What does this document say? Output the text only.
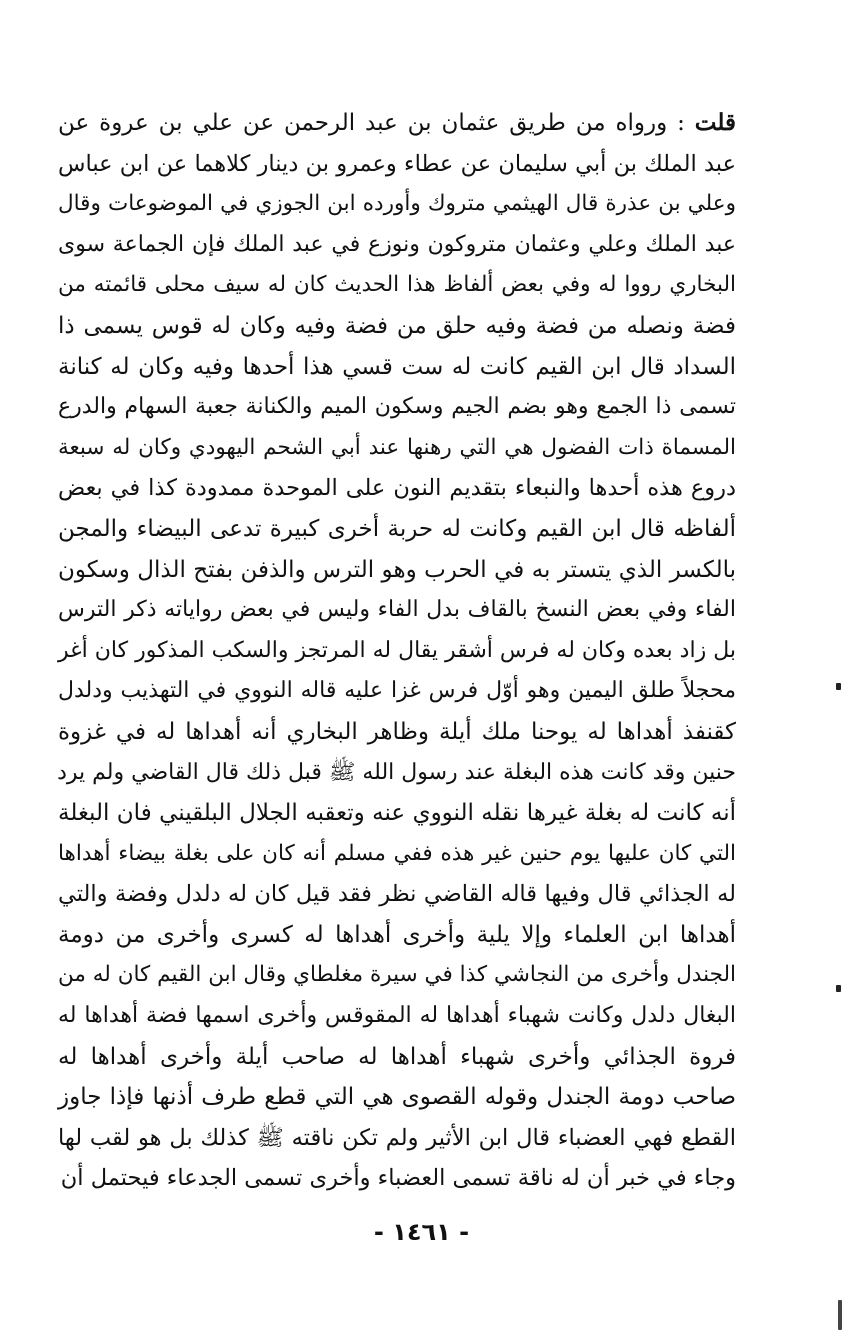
قلت : ورواه من طريق عثمان بن عبد الرحمن عن علي بن عروة عن
عبد الملك بن أبي سليمان عن عطاء وعمرو بن دينار كلاهما عن ابن عباس
وعلي بن عذرة قال الهيثمي متروك وأورده ابن الجوزي في الموضوعات وقال
عبد الملك وعلي وعثمان متروكون ونوزع في عبد الملك فإن الجماعة سوى
البخاري رووا له وفي بعض ألفاظ هذا الحديث كان له سيف محلى قائمته من
فضة ونصله من فضة وفيه حلق من فضة وفيه وكان له قوس يسمى ذا
السداد قال ابن القيم كانت له ست قسي هذا أحدها وفيه وكان له كنانة
تسمى ذا الجمع وهو بضم الجيم وسكون الميم والكنانة جعبة السهام والدرع
المسماة ذات الفضول هي التي رهنها عند أبي الشحم اليهودي وكان له سبعة
دروع هذه أحدها والنبعاء بتقديم النون على الموحدة ممدودة كذا في بعض
ألفاظه قال ابن القيم وكانت له حربة أخرى كبيرة تدعى البيضاء والمجن
بالكسر الذي يتستر به في الحرب وهو الترس والذفن بفتح الذال وسكون
الفاء وفي بعض النسخ بالقاف بدل الفاء وليس في بعض رواياته ذكر الترس
بل زاد بعده وكان له فرس أشقر يقال له المرتجز والسكب المذكور كان أغر
محجلاً طلق اليمين وهو أوّل فرس غزا عليه قاله النووي في التهذيب ودلدل
كقنفذ أهداها له يوحنا ملك أيلة وظاهر البخاري أنه أهداها له في غزوة
حنين وقد كانت هذه البغلة عند رسول الله ﷺ قبل ذلك قال القاضي ولم يرد
أنه كانت له بغلة غيرها نقله النووي عنه وتعقبه الجلال البلقيني فان البغلة
التي كان عليها يوم حنين غير هذه ففي مسلم أنه كان على بغلة بيضاء أهداها
له الجذائي قال وفيها قاله القاضي نظر فقد قيل كان له دلدل وفضة والتي
أهداها ابن العلماء وإلا يلية وأخرى أهداها له كسرى وأخرى من دومة
الجندل وأخرى من النجاشي كذا في سيرة مغلطاي وقال ابن القيم كان له من
البغال دلدل وكانت شهباء أهداها له المقوقس وأخرى اسمها فضة أهداها له
فروة الجذائي وأخرى شهباء أهداها له صاحب أيلة وأخرى أهداها له
صاحب دومة الجندل وقوله القصوى هي التي قطع طرف أذنها فإذا جاوز
القطع فهي العضباء قال ابن الأثير ولم تكن ناقته ﷺ كذلك بل هو لقب لها
وجاء في خبر أن له ناقة تسمى العضباء وأخرى تسمى الجدعاء فيحتمل أن
- ١٤٦١ -
